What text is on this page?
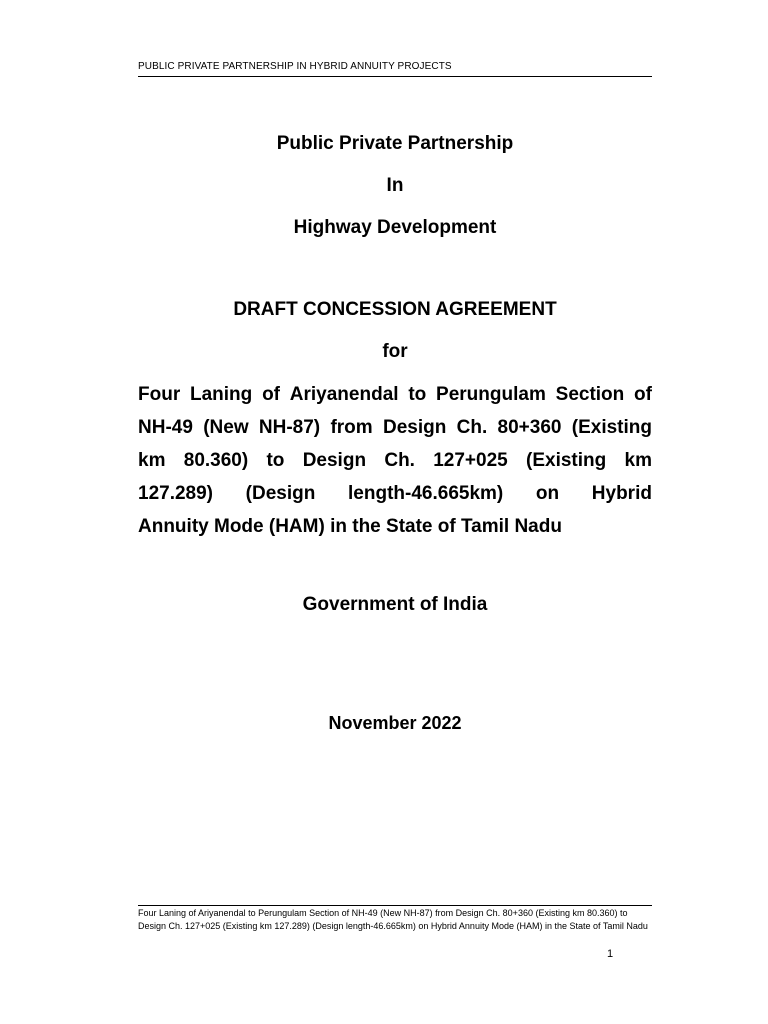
PUBLIC PRIVATE PARTNERSHIP IN HYBRID ANNUITY PROJECTS
Public Private Partnership
In
Highway Development
DRAFT CONCESSION AGREEMENT
for
Four Laning of Ariyanendal to Perungulam Section of
NH-49 (New NH-87) from Design Ch. 80+360 (Existing
km 80.360) to Design Ch. 127+025 (Existing km
127.289) (Design length-46.665km) on Hybrid
Annuity Mode (HAM) in the State of Tamil Nadu
Government of India
November 2022
Four Laning of Ariyanendal to Perungulam Section of NH-49 (New NH-87) from Design Ch. 80+360 (Existing km 80.360) to Design Ch. 127+025 (Existing km 127.289) (Design length-46.665km) on Hybrid Annuity Mode (HAM) in the State of Tamil Nadu
1
